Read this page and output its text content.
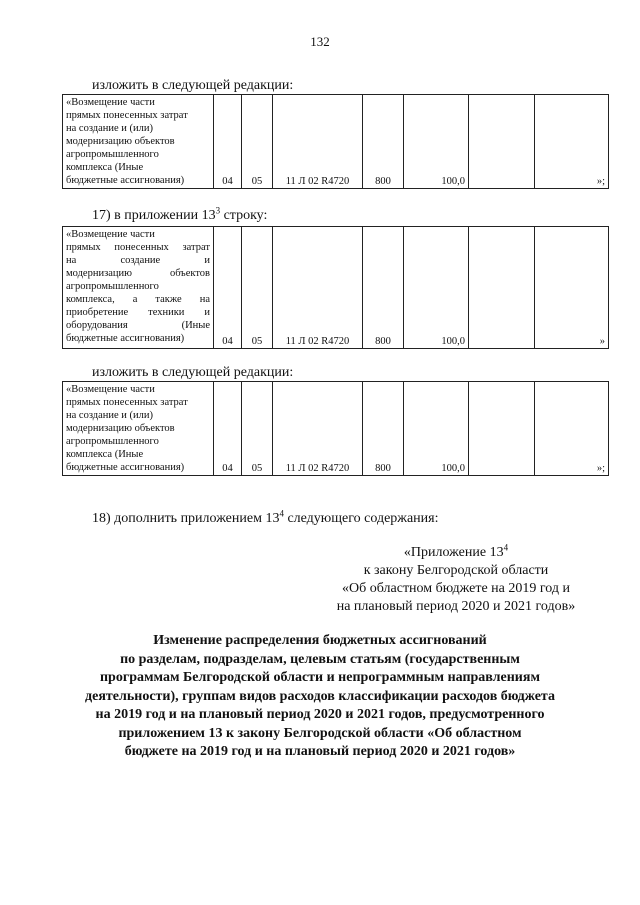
132
изложить в следующей редакции:
«Возмещение части
прямых понесенных затрат
на создание и (или)
модернизацию объектов
агропромышленного
комплекса (Иные
бюджетные ассигнования)	04	05	11 Л 02 R4720	800	100,0		»;
17) в приложении $13^3$ строку:
«Возмещение части
прямых понесенных затрат
на создание и
модернизацию объектов
агропромышленного
комплекса, а также на
приобретение техники и
оборудования (Иные
бюджетные ассигнования)	04	05	11 Л 02 R4720	800	100,0		»
изложить в следующей редакции:
«Возмещение части
прямых понесенных затрат
на создание и (или)
модернизацию объектов
агропромышленного
комплекса (Иные
бюджетные ассигнования)	04	05	11 Л 02 R4720	800	100,0		»;
18) дополнить приложением $13^4$ следующего содержания:
«Приложение $13^4$
к закону Белгородской области
«Об областном бюджете на 2019 год и
на плановый период 2020 и 2021 годов»
Изменение распределения бюджетных ассигнований
по разделам, подразделам, целевым статьям (государственным
программам Белгородской области и непрограммным направлениям
деятельности), группам видов расходов классификации расходов бюджета
на 2019 год и на плановый период 2020 и 2021 годов, предусмотренного
приложением 13 к закону Белгородской области «Об областном
бюджете на 2019 год и на плановый период 2020 и 2021 годов»
